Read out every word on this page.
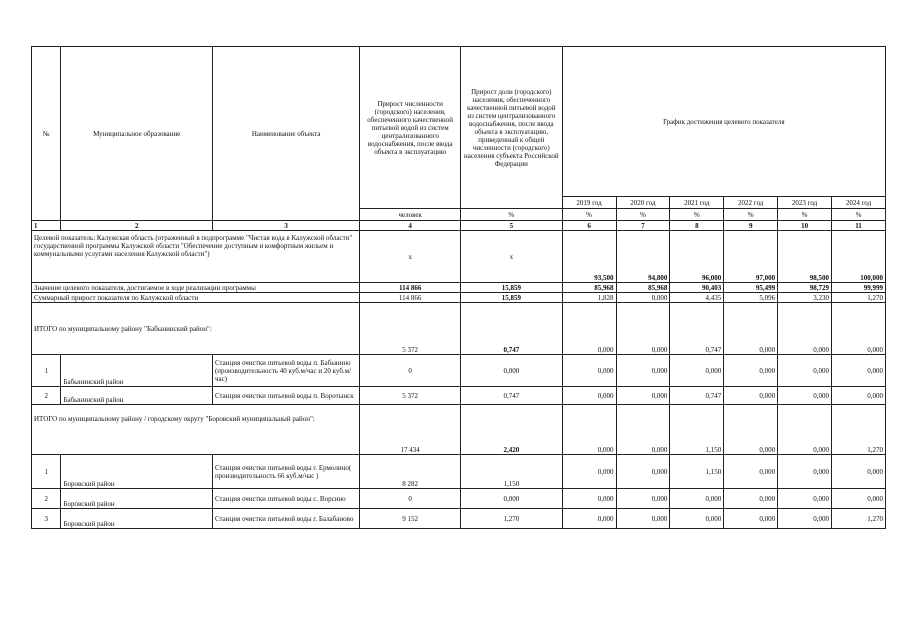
№	Муниципальное образование	Наименование объекта	Прирост численности (городского) населения, обеспеченного качественной питьевой водой из систем централизованного водоснабжения, после ввода объекта в эксплуатацию	Прирост доли (городского) населения, обеспеченного качественной питьевой водой из систем централизованного водоснабжения, после ввода объекта в эксплуатацию, приведенный к общей численности (городского) населения субъекта Российской Федерации	График достижения целевого показателя					
					2019 год	2020 год	2021 год	2022 год	2023 год	2024 год
			человек	%	%	%	%	%	%	%
1	2	3	4	5	6	7	8	9	10	11
Целевой показатель: Калужская область (отраженный в подпрограмме "Чистая вода в Калужской области" государственной программы Калужской области "Обеспечение доступным и комфортным жильем и коммунальными услугами населения Калужской области")			x	x	93,500	94,800	96,000	97,000	98,500	100,000
Значение целевого показателя, достигаемое в ходе реализации программы			114 866	15,859	85,968	85,968	90,403	95,499	98,729	99,999
Суммарный прирост показателя по Калужской области			114 866	15,859	1,828	0,000	4,435	5,096	3,230	1,270
ИТОГО по муниципальному району "Бабынинский район":			5 372	0,747	0,000	0,000	0,747	0,000	0,000	0,000
1	Бабынинский район	Станция очистки питьевой воды п. Бабынино (производительность 40 куб.м/час и 20 куб.м/час)	0	0,000	0,000	0,000	0,000	0,000	0,000	0,000
2	Бабынинский район	Станция очистки питьевой воды п. Воротынск	5 372	0,747	0,000	0,000	0,747	0,000	0,000	0,000
ИТОГО по муниципальному району / городскому округу "Боровский муниципальный район":			17 434	2,420	0,000	0,000	1,150	0,000	0,000	1,270
1	Боровский район	Станция очистки питьевой воды г. Ермолино( производительность 66 куб.м/час )	8 282	1,150	0,000	0,000	1,150	0,000	0,000	0,000
2	Боровский район	Станция очистки питьевой воды с. Ворсино	0	0,000	0,000	0,000	0,000	0,000	0,000	0,000
3	Боровский район	Станция очистки питьевой воды г. Балабаново	9 152	1,270	0,000	0,000	0,000	0,000	0,000	1,270
